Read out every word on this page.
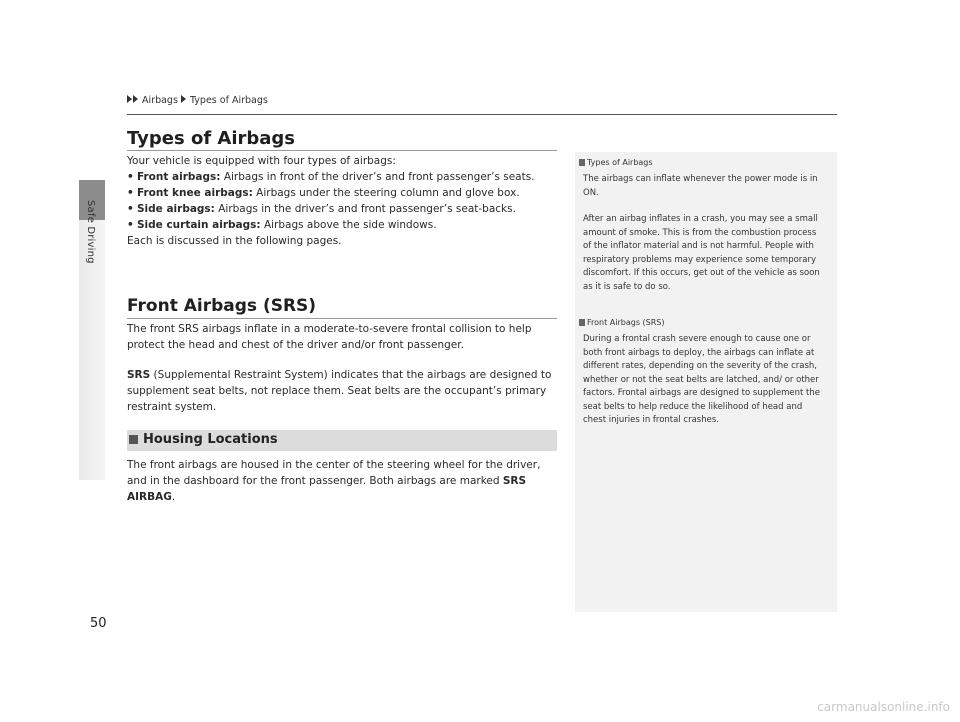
Safe Driving
Airbags Types of Airbags
Types of Airbags
Your vehicle is equipped with four types of airbags:
• Front airbags: Airbags in front of the driver’s and front passenger’s seats.
• Front knee airbags: Airbags under the steering column and glove box.
• Side airbags: Airbags in the driver’s and front passenger’s seat-backs.
• Side curtain airbags: Airbags above the side windows.
Each is discussed in the following pages.
Front Airbags (SRS)
The front SRS airbags inflate in a moderate-to-severe frontal collision to help protect the head and chest of the driver and/or front passenger.
SRS (Supplemental Restraint System) indicates that the airbags are designed to supplement seat belts, not replace them. Seat belts are the occupant’s primary restraint system.
Housing Locations
The front airbags are housed in the center of the steering wheel for the driver, and in the dashboard for the front passenger. Both airbags are marked SRS AIRBAG.
Types of Airbags

The airbags can inflate whenever the power mode is in ON.

After an airbag inflates in a crash, you may see a small amount of smoke. This is from the combustion process of the inflator material and is not harmful. People with respiratory problems may experience some temporary discomfort. If this occurs, get out of the vehicle as soon as it is safe to do so.

Front Airbags (SRS)

During a frontal crash severe enough to cause one or both front airbags to deploy, the airbags can inflate at different rates, depending on the severity of the crash, whether or not the seat belts are latched, and/ or other factors. Frontal airbags are designed to supplement the seat belts to help reduce the likelihood of head and chest injuries in frontal crashes.

50
carmanualsonline.info
